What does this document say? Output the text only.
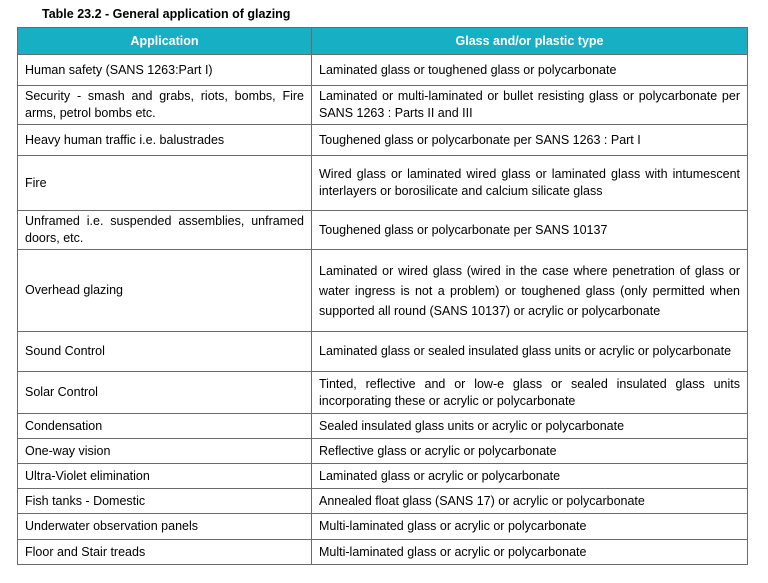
Table 23.2 - General application of glazing
Application	Glass and/or plastic type
Human safety (SANS 1263:Part I)	Laminated glass or toughened glass or polycarbonate
Security - smash and grabs, riots, bombs, Fire arms, petrol bombs etc.	Laminated or multi-laminated or bullet resisting glass or polycarbonate per SANS 1263 : Parts II and III
Heavy human traffic i.e. balustrades	Toughened glass or polycarbonate per SANS 1263 : Part I
Fire	Wired glass or laminated wired glass or laminated glass with intumescent interlayers or borosilicate and calcium silicate glass
Unframed i.e. suspended assemblies, unframed doors, etc.	Toughened glass or polycarbonate per SANS 10137
Overhead glazing	Laminated or wired glass (wired in the case where penetration of glass or water ingress is not a problem) or toughened glass (only permitted when supported all round (SANS 10137) or acrylic or polycarbonate
Sound Control	Laminated glass or sealed insulated glass units or acrylic or polycarbonate
Solar Control	Tinted, reflective and or low-e glass or sealed insulated glass units incorporating these or acrylic or polycarbonate
Condensation	Sealed insulated glass units or acrylic or polycarbonate
One-way vision	Reflective glass or acrylic or polycarbonate
Ultra-Violet elimination	Laminated glass or acrylic or polycarbonate
Fish tanks - Domestic	Annealed float glass (SANS 17) or acrylic or polycarbonate
Underwater observation panels	Multi-laminated glass or acrylic or polycarbonate
Floor and Stair treads	Multi-laminated glass or acrylic or polycarbonate
